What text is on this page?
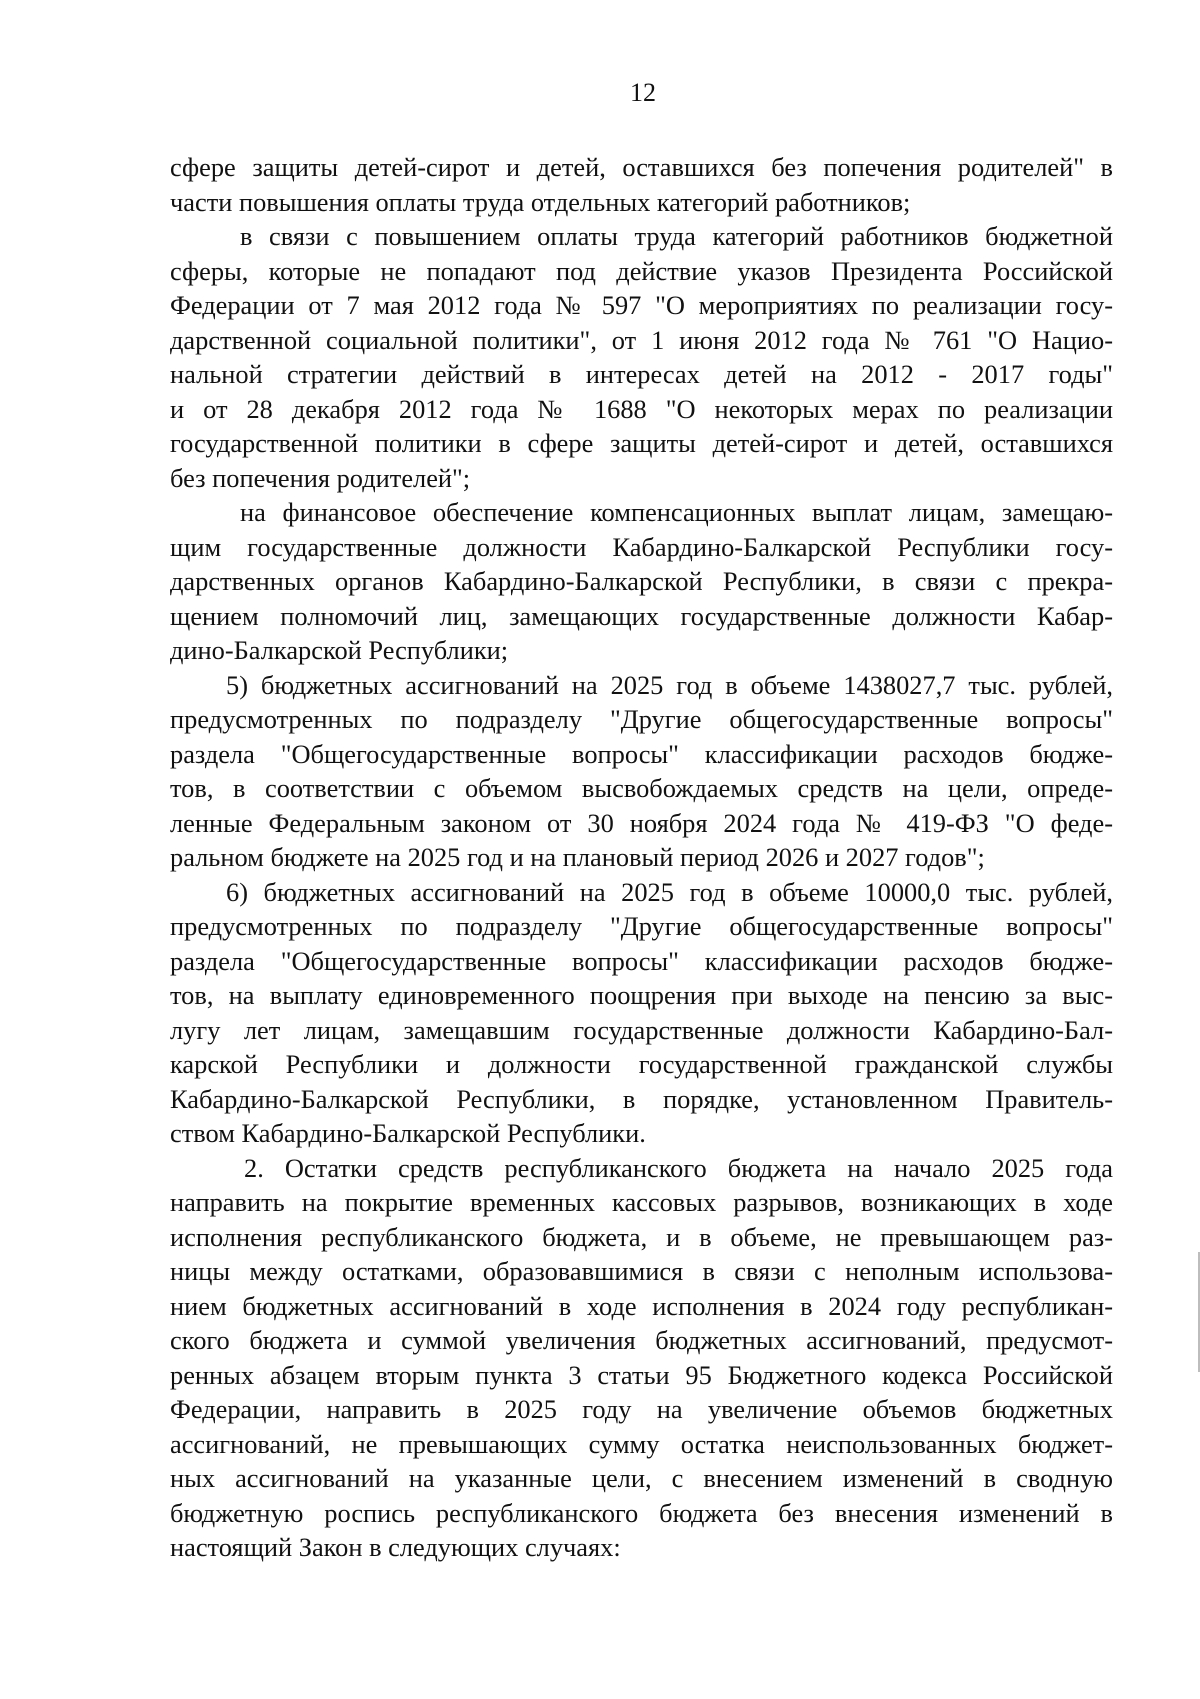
12
сфере защиты детей-сирот и детей, оставшихся без попечения родителей" в
части повышения оплаты труда отдельных категорий работников;
в связи с повышением оплаты труда категорий работников бюджетной
сферы, которые не попадают под действие указов Президента Российской
Федерации от 7 мая 2012 года № 597 "О мероприятиях по реализации госу-
дарственной социальной политики", от 1 июня 2012 года № 761 "О Нацио-
нальной стратегии действий в интересах детей на 2012 - 2017 годы"
и от 28 декабря 2012 года № 1688 "О некоторых мерах по реализации
государственной политики в сфере защиты детей-сирот и детей, оставшихся
без попечения родителей";
на финансовое обеспечение компенсационных выплат лицам, замещаю-
щим государственные должности Кабардино-Балкарской Республики госу-
дарственных органов Кабардино-Балкарской Республики, в связи с прекра-
щением полномочий лиц, замещающих государственные должности Кабар-
дино-Балкарской Республики;
5) бюджетных ассигнований на 2025 год в объеме 1438027,7 тыс. рублей,
предусмотренных по подразделу "Другие общегосударственные вопросы"
раздела "Общегосударственные вопросы" классификации расходов бюдже-
тов, в соответствии с объемом высвобождаемых средств на цели, опреде-
ленные Федеральным законом от 30 ноября 2024 года № 419-ФЗ "О феде-
ральном бюджете на 2025 год и на плановый период 2026 и 2027 годов";
6) бюджетных ассигнований на 2025 год в объеме 10000,0 тыс. рублей,
предусмотренных по подразделу "Другие общегосударственные вопросы"
раздела "Общегосударственные вопросы" классификации расходов бюдже-
тов, на выплату единовременного поощрения при выходе на пенсию за выс-
лугу лет лицам, замещавшим государственные должности Кабардино-Бал-
карской Республики и должности государственной гражданской службы
Кабардино-Балкарской Республики, в порядке, установленном Правитель-
ством Кабардино-Балкарской Республики.
2. Остатки средств республиканского бюджета на начало 2025 года
направить на покрытие временных кассовых разрывов, возникающих в ходе
исполнения республиканского бюджета, и в объеме, не превышающем раз-
ницы между остатками, образовавшимися в связи с неполным использова-
нием бюджетных ассигнований в ходе исполнения в 2024 году республикан-
ского бюджета и суммой увеличения бюджетных ассигнований, предусмот-
ренных абзацем вторым пункта 3 статьи 95 Бюджетного кодекса Российской
Федерации, направить в 2025 году на увеличение объемов бюджетных
ассигнований, не превышающих сумму остатка неиспользованных бюджет-
ных ассигнований на указанные цели, с внесением изменений в сводную
бюджетную роспись республиканского бюджета без внесения изменений в
настоящий Закон в следующих случаях:
